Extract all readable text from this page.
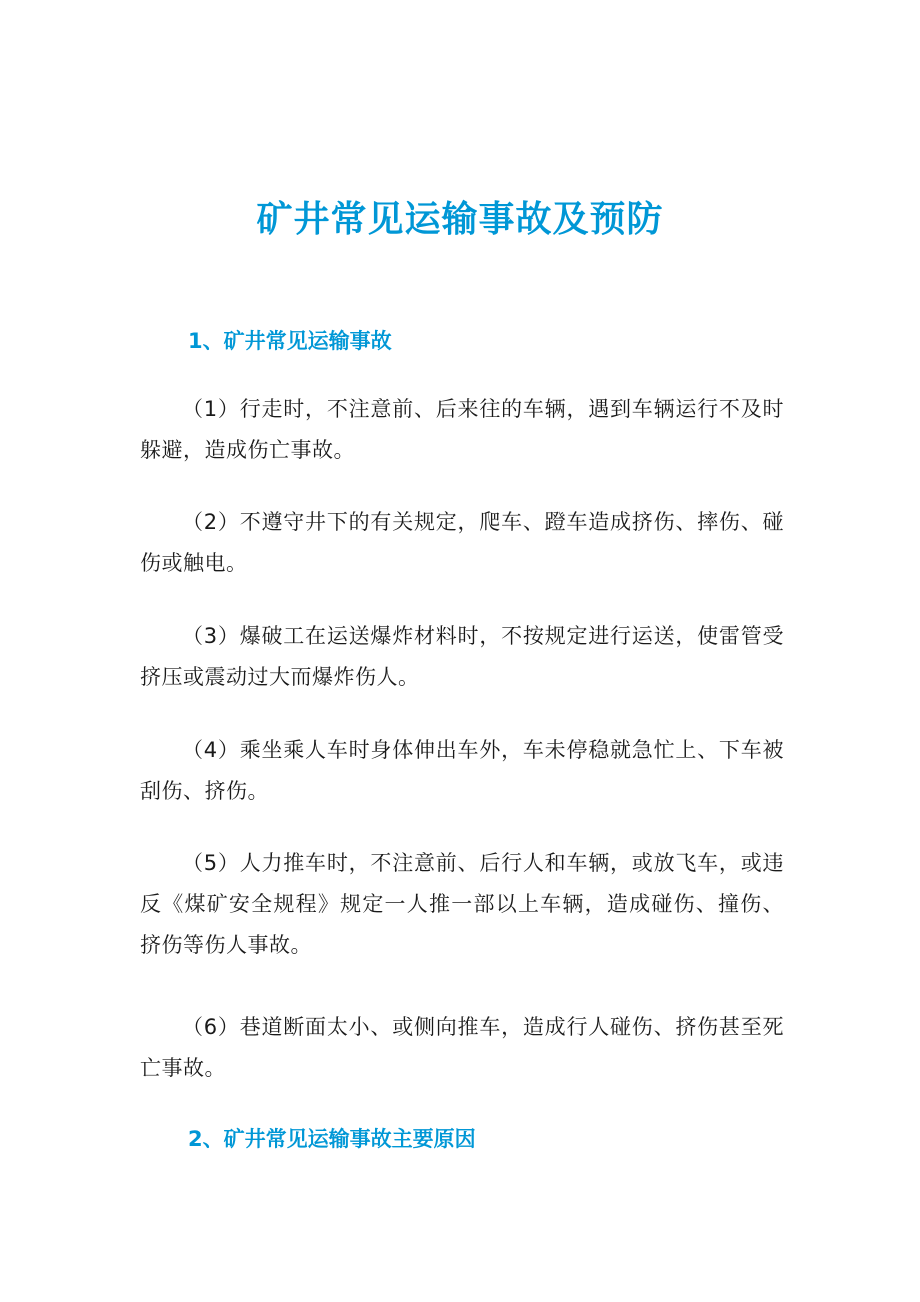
矿井常见运输事故及预防
1、矿井常见运输事故

（1）行走时，不注意前、后来往的车辆，遇到车辆运行不及时躲避，造成伤亡事故。

（2）不遵守井下的有关规定，爬车、蹬车造成挤伤、摔伤、碰伤或触电。

（3）爆破工在运送爆炸材料时，不按规定进行运送，使雷管受挤压或震动过大而爆炸伤人。

（4）乘坐乘人车时身体伸出车外，车未停稳就急忙上、下车被刮伤、挤伤。

（5）人力推车时，不注意前、后行人和车辆，或放飞车，或违反《煤矿安全规程》规定一人推一部以上车辆，造成碰伤、撞伤、挤伤等伤人事故。

（6）巷道断面太小、或侧向推车，造成行人碰伤、挤伤甚至死亡事故。

2、矿井常见运输事故主要原因
